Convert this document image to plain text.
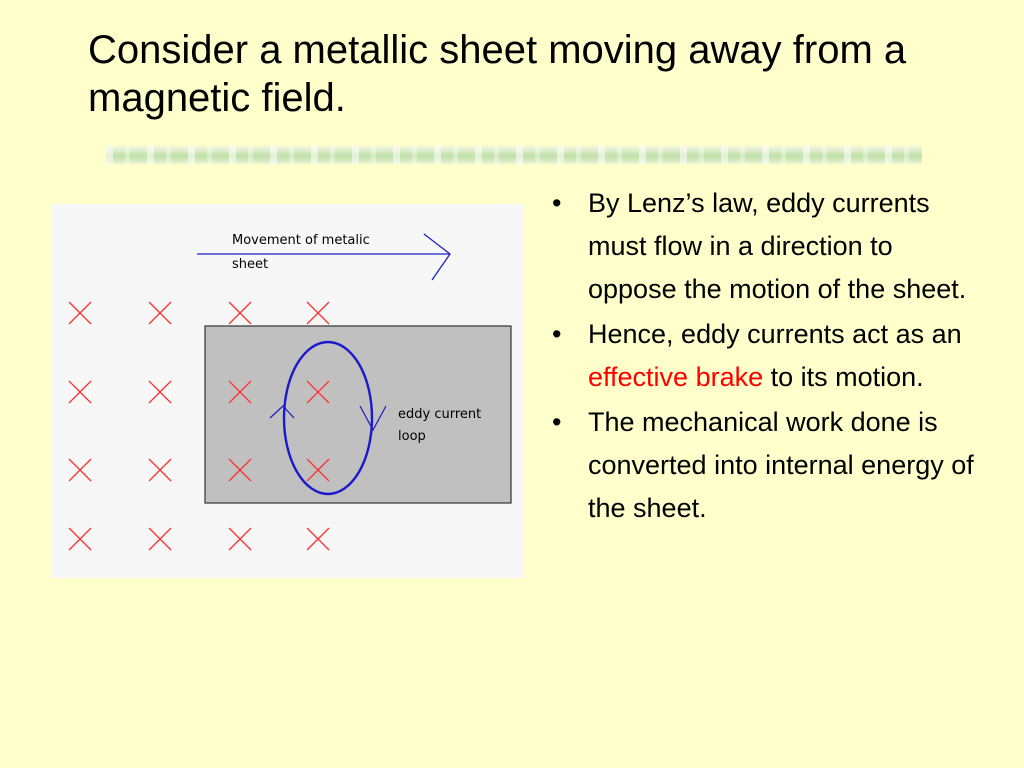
Consider a metallic sheet moving away from a magnetic field.
Movement of metalic
sheet
eddy current
loop
• By Lenz’s law, eddy currents must flow in a direction to oppose the motion of the sheet.
• Hence, eddy currents act as an effective brake to its motion.
• The mechanical work done is converted into internal energy of the sheet.
